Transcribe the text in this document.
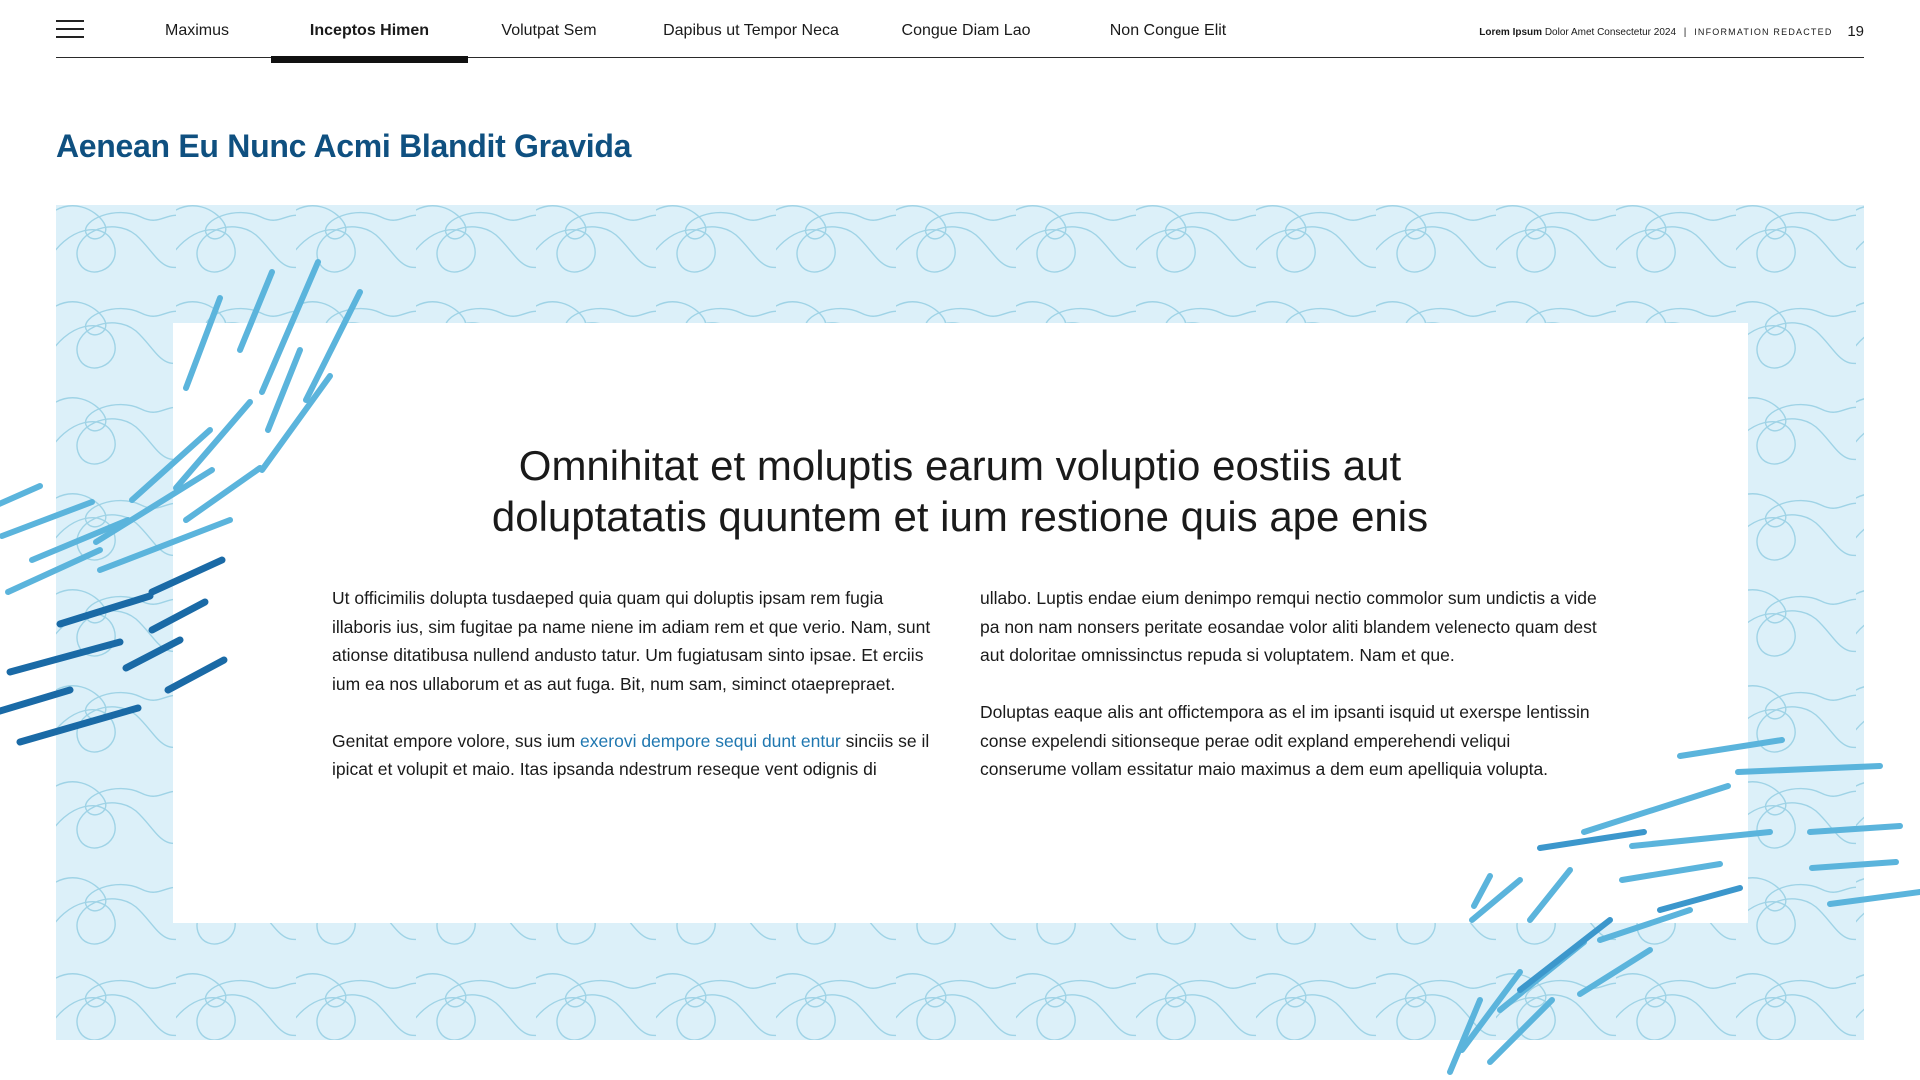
Maximus	Inceptos Himen	Volutpat Sem	Dapibus ut Tempor Neca	Congue Diam Lao	Non Congue Elit	Lorem Ipsum Dolor Amet Consectetur 2024 | INFORMATION REDACTED 19
Aenean Eu Nunc Acmi Blandit Gravida
Omnihitat et moluptis earum voluptio eostiis aut
doluptatatis quuntem et ium restione quis ape enis

Ut officimilis dolupta tusdaeped quia quam qui doluptis ipsam rem fugia illaboris ius, sim fugitae pa name niene im adiam rem et que verio. Nam, sunt ationse ditatibusa nullend andusto tatur. Um fugiatusam sinto ipsae. Et erciis ium ea nos ullaborum et as aut fuga. Bit, num sam, siminct otaeprepraet.

Genitat empore volore, sus ium exerovi dempore sequi dunt entur sinciis se il ipicat et volupit et maio. Itas ipsanda ndestrum reseque vent odignis di

ullabo. Luptis endae eium denimpo remqui nectio commolor sum undictis a vide pa non nam nonsers peritate eosandae volor aliti blandem velenecto quam dest aut doloritae omnissinctus repuda si voluptatem. Nam et que.

Doluptas eaque alis ant offictempora as el im ipsanti isquid ut exerspe lentissin conse expelendi sitionseque perae odit expland emperehendi veliqui conserume vollam essitatur maio maximus a dem eum apelliquia volupta.
